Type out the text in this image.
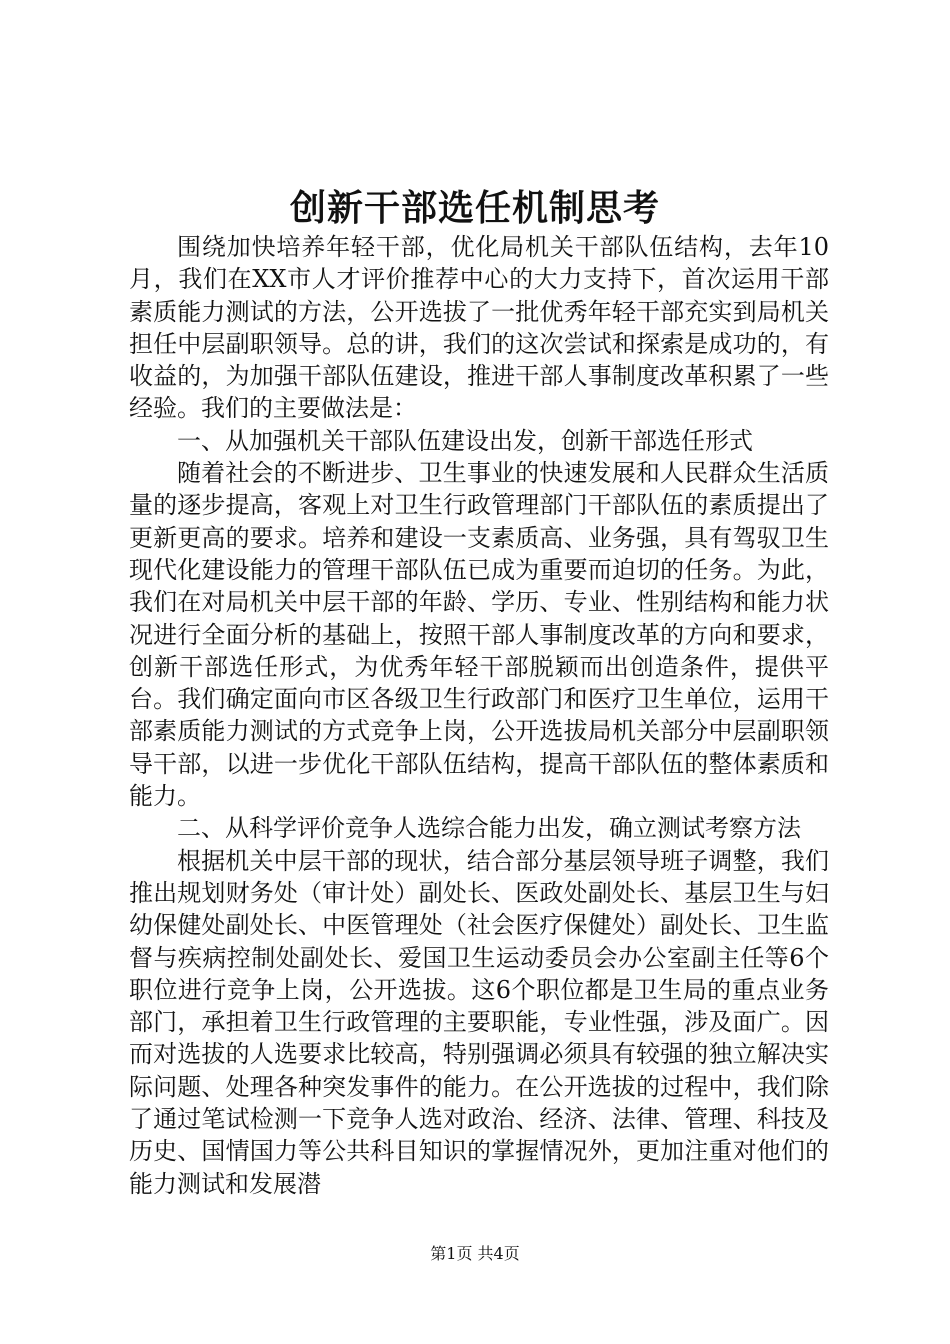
创新干部选任机制思考

围绕加快培养年轻干部，优化局机关干部队伍结构，去年10月，我们在XX市人才评价推荐中心的大力支持下，首次运用干部素质能力测试的方法，公开选拔了一批优秀年轻干部充实到局机关担任中层副职领导。总的讲，我们的这次尝试和探索是成功的，有收益的，为加强干部队伍建设，推进干部人事制度改革积累了一些经验。我们的主要做法是：

一、从加强机关干部队伍建设出发，创新干部选任形式

随着社会的不断进步、卫生事业的快速发展和人民群众生活质量的逐步提高，客观上对卫生行政管理部门干部队伍的素质提出了更新更高的要求。培养和建设一支素质高、业务强，具有驾驭卫生现代化建设能力的管理干部队伍已成为重要而迫切的任务。为此，我们在对局机关中层干部的年龄、学历、专业、性别结构和能力状况进行全面分析的基础上，按照干部人事制度改革的方向和要求，创新干部选任形式，为优秀年轻干部脱颖而出创造条件，提供平台。我们确定面向市区各级卫生行政部门和医疗卫生单位，运用干部素质能力测试的方式竞争上岗，公开选拔局机关部分中层副职领导干部，以进一步优化干部队伍结构，提高干部队伍的整体素质和能力。

二、从科学评价竞争人选综合能力出发，确立测试考察方法

根据机关中层干部的现状，结合部分基层领导班子调整，我们推出规划财务处（审计处）副处长、医政处副处长、基层卫生与妇幼保健处副处长、中医管理处（社会医疗保健处）副处长、卫生监督与疾病控制处副处长、爱国卫生运动委员会办公室副主任等6个职位进行竞争上岗，公开选拔。这6个职位都是卫生局的重点业务部门，承担着卫生行政管理的主要职能，专业性强，涉及面广。因而对选拔的人选要求比较高，特别强调必须具有较强的独立解决实际问题、处理各种突发事件的能力。在公开选拔的过程中，我们除了通过笔试检测一下竞争人选对政治、经济、法律、管理、科技及历史、国情国力等公共科目知识的掌握情况外，更加注重对他们的能力测试和发展潜

第1页 共4页
